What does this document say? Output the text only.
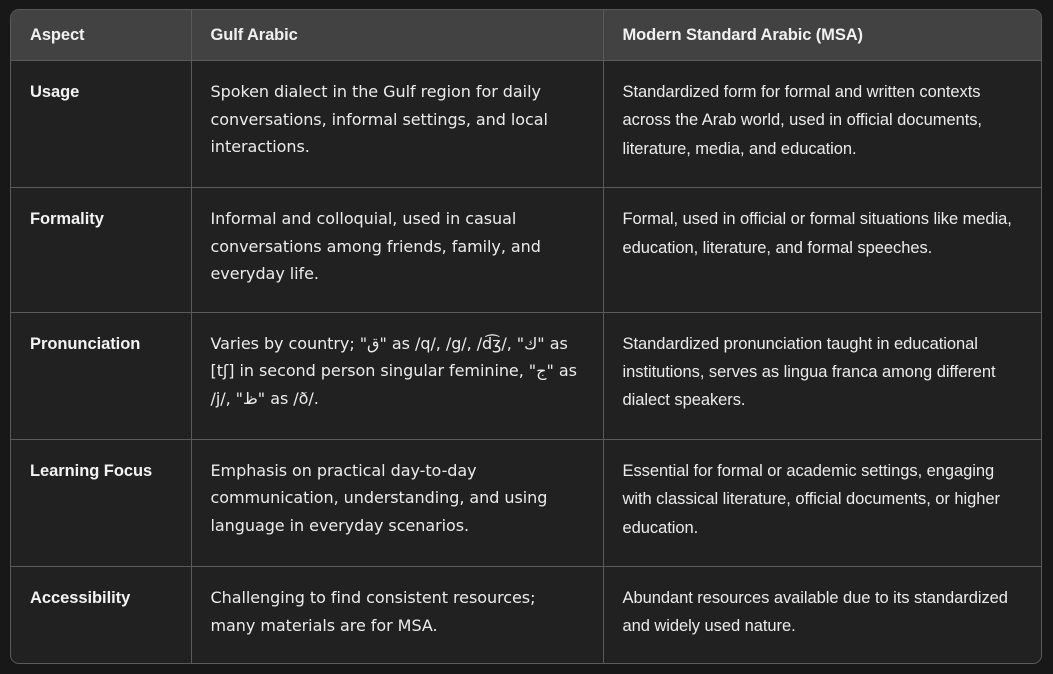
Aspect	Gulf Arabic	Modern Standard Arabic (MSA)
Usage	Spoken dialect in the Gulf region for daily conversations, informal settings, and local interactions.	Standardized form for formal and written contexts across the Arab world, used in official documents, literature, media, and education.
Formality	Informal and colloquial, used in casual conversations among friends, family, and everyday life.	Formal, used in official or formal situations like media, education, literature, and formal speeches.
Pronunciation	Varies by country; "ق" as /q/, /g/, /d͡ʒ/, "ك" as [tʃ] in second person singular feminine, "ج" as /j/, "ظ" as /ð/.	Standardized pronunciation taught in educational institutions, serves as lingua franca among different dialect speakers.
Learning Focus	Emphasis on practical day-to-day communication, understanding, and using language in everyday scenarios.	Essential for formal or academic settings, engaging with classical literature, official documents, or higher education.
Accessibility	Challenging to find consistent resources; many materials are for MSA.	Abundant resources available due to its standardized and widely used nature.
